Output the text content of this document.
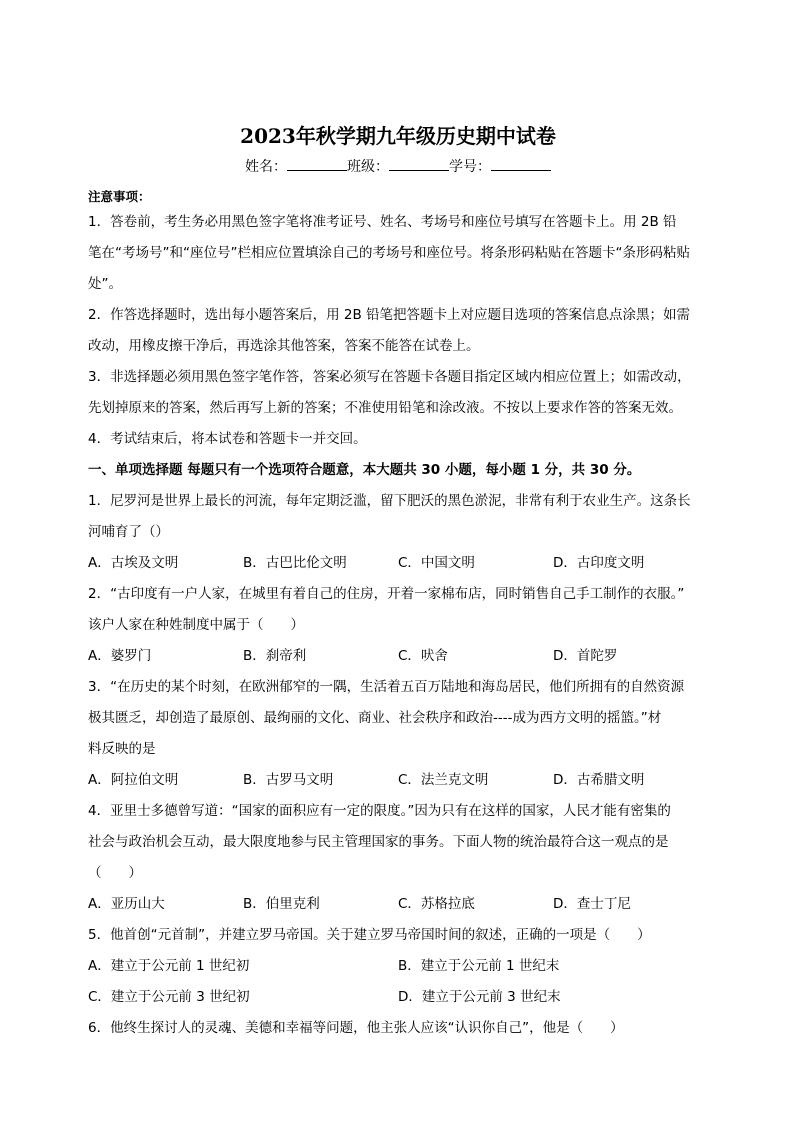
2023年秋学期九年级历史期中试卷
姓名：	班级：	学号：
注意事项：

1．答卷前，考生务必用黑色签字笔将准考证号、姓名、考场号和座位号填写在答题卡上。用 2B 铅

笔在“考场号”和“座位号”栏相应位置填涂自己的考场号和座位号。将条形码粘贴在答题卡“条形码粘贴

处”。

2．作答选择题时，选出每小题答案后，用 2B 铅笔把答题卡上对应题目选项的答案信息点涂黑；如需

改动，用橡皮擦干净后，再选涂其他答案，答案不能答在试卷上。

3．非选择题必须用黑色签字笔作答，答案必须写在答题卡各题目指定区域内相应位置上；如需改动，

先划掉原来的答案，然后再写上新的答案；不准使用铅笔和涂改液。不按以上要求作答的答案无效。

4．考试结束后，将本试卷和答题卡一并交回。

一、单项选择题 每题只有一个选项符合题意，本大题共 30 小题，每小题 1 分，共 30 分。

1．尼罗河是世界上最长的河流，每年定期泛滥，留下肥沃的黑色淤泥，非常有利于农业生产。这条长

河哺育了（）

A．古埃及文明	B．古巴比伦文明	C．中国文明	D．古印度文明

2．“古印度有一户人家，在城里有着自己的住房，开着一家棉布店，同时销售自己手工制作的衣服。”

该户人家在种姓制度中属于（　　）

A．婆罗门	B．刹帝利	C．吠舍	D．首陀罗

3．“在历史的某个时刻，在欧洲郁窄的一隅，生活着五百万陆地和海岛居民，他们所拥有的自然资源

极其匮乏，却创造了最原创、最绚丽的文化、商业、社会秩序和政治----成为西方文明的摇篮。”材

料反映的是

A．阿拉伯文明	B．古罗马文明	C．法兰克文明	D．古希腊文明

4．亚里士多德曾写道：“国家的面积应有一定的限度。”因为只有在这样的国家，人民才能有密集的

社会与政治机会互动，最大限度地参与民主管理国家的事务。下面人物的统治最符合这一观点的是

（　　）

A．亚历山大	B．伯里克利	C．苏格拉底	D．查士丁尼

5．他首创“元首制”，并建立罗马帝国。关于建立罗马帝国时间的叙述，正确的一项是（　　）

A．建立于公元前 1 世纪初	B．建立于公元前 1 世纪末
C．建立于公元前 3 世纪初	D．建立于公元前 3 世纪末

6．他终生探讨人的灵魂、美德和幸福等问题，他主张人应该“认识你自己”，他是（　　）
